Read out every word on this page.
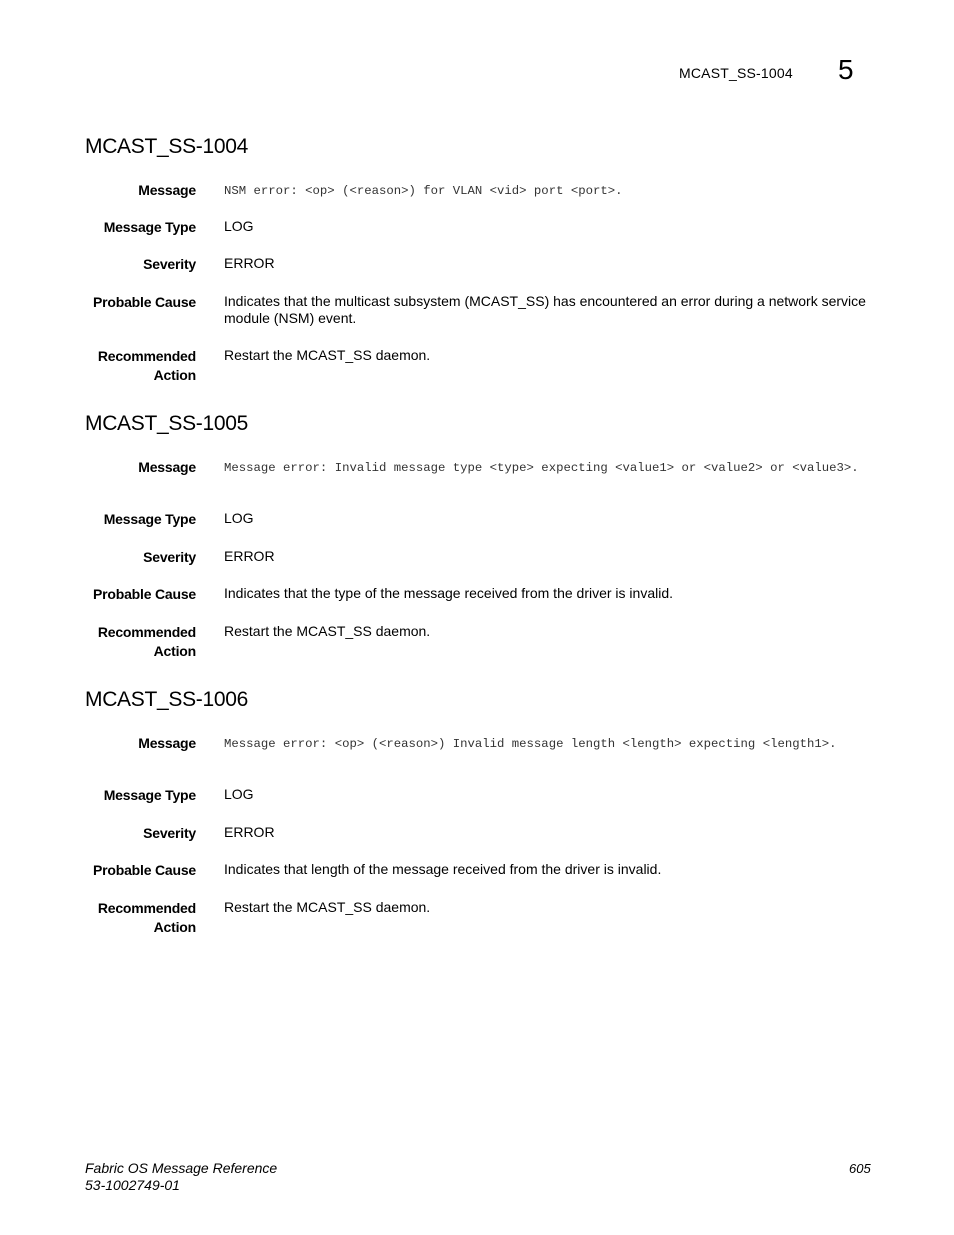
MCAST_SS-1004 5
MCAST_SS-1004
Message NSM error: <op> (<reason>) for VLAN <vid> port <port>.
Message Type LOG
Severity ERROR
Probable Cause Indicates that the multicast subsystem (MCAST_SS) has encountered an error during a network service module (NSM) event.
Recommended
Action
Restart the MCAST_SS daemon.
MCAST_SS-1005
Message Message error: Invalid message type <type> expecting <value1> or <value2> or <value3>.
Message Type LOG
Severity ERROR
Probable Cause Indicates that the type of the message received from the driver is invalid.
Recommended
Action
Restart the MCAST_SS daemon.
MCAST_SS-1006
Message Message error: <op> (<reason>) Invalid message length <length> expecting <length1>.
Message Type LOG
Severity ERROR
Probable Cause Indicates that length of the message received from the driver is invalid.
Recommended
Action
Restart the MCAST_SS daemon.
Fabric OS Message Reference
53-1002749-01
605
